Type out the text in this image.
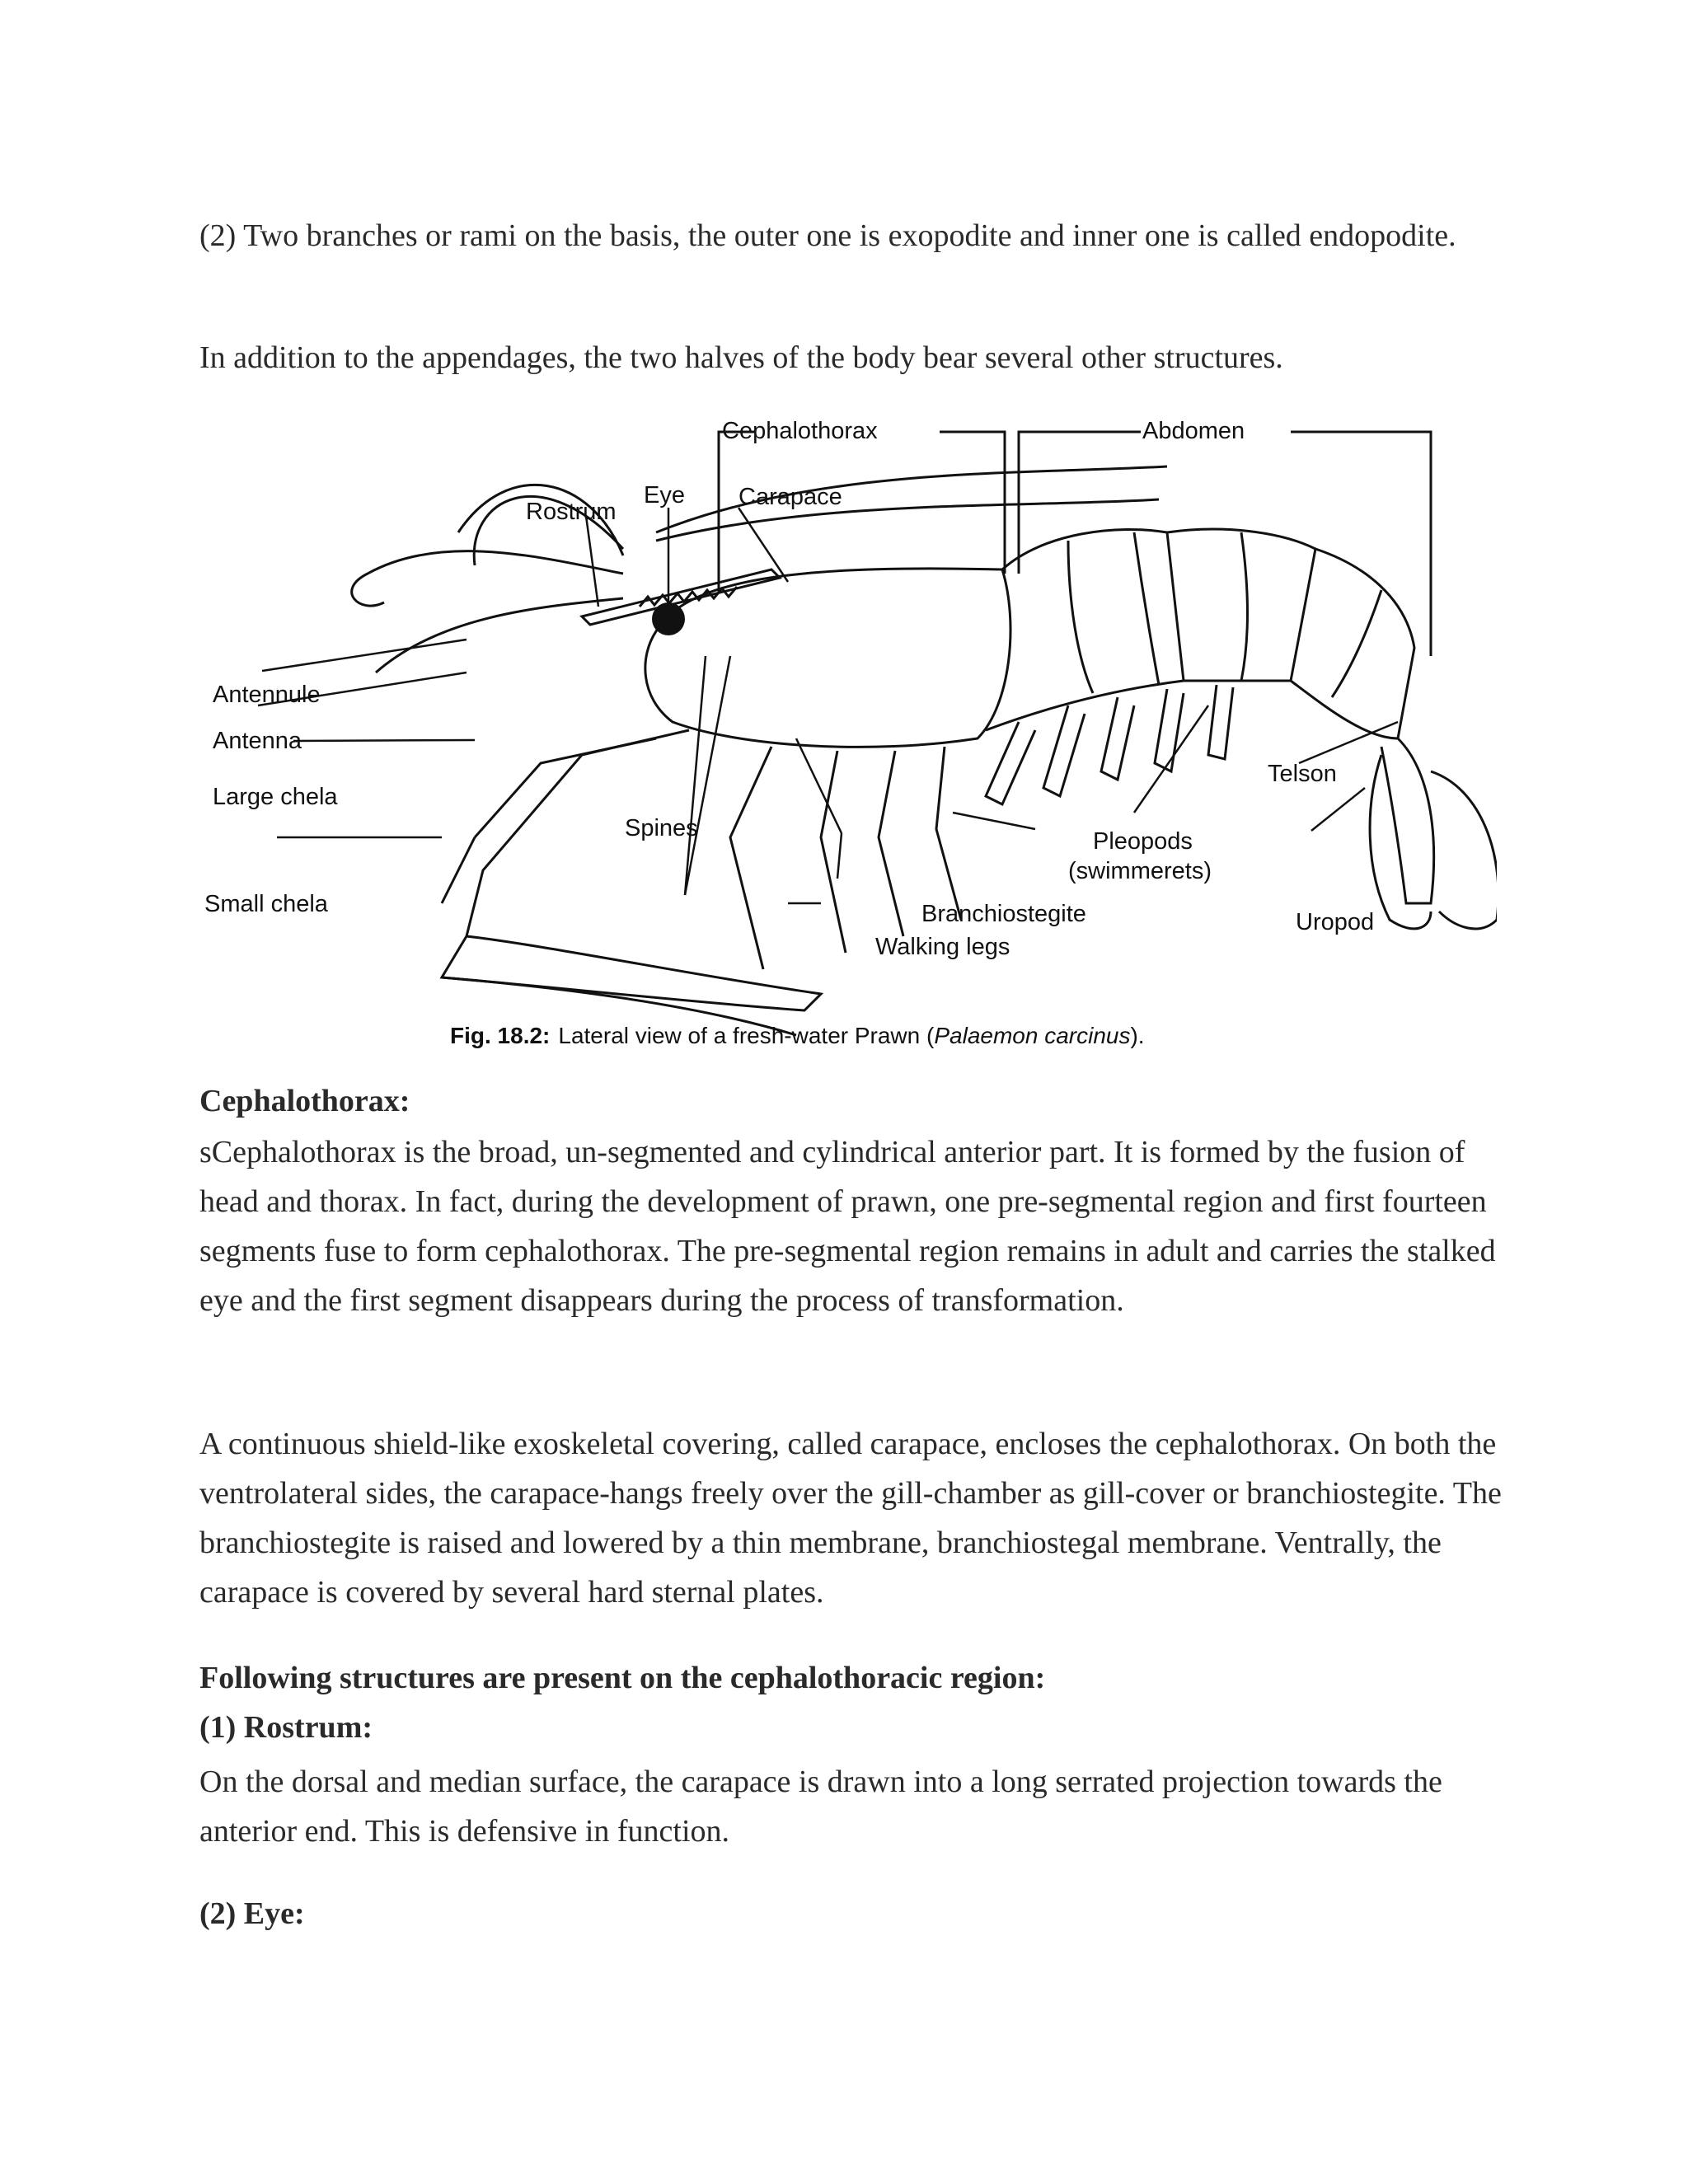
(2) Two branches or rami on the basis, the outer one is exopodite and inner one is called endopodite.

In addition to the appendages, the two halves of the body bear several other structures.

Cephalothorax	Abdomen
Eye Carapace
Rostrum
Antennule
Antenna
Large chela
Small chela
Spines
Branchiostegite
Walking legs
Pleopods
(swimmerets)
Telson
Uropod
Fig. 18.2: Lateral view of a fresh-water Prawn (Palaemon carcinus).
Cephalothorax:

sCephalothorax is the broad, un-segmented and cylindrical anterior part. It is formed by the fusion of head and thorax. In fact, during the development of prawn, one pre-segmental region and first fourteen segments fuse to form cephalothorax. The pre-segmental region remains in adult and carries the stalked eye and the first segment disappears during the process of transformation.

A continuous shield-like exoskeletal covering, called carapace, encloses the cephalothorax. On both the ventrolateral sides, the carapace-hangs freely over the gill-chamber as gill-cover or branchiostegite. The branchiostegite is raised and lowered by a thin membrane, branchiostegal membrane. Ventrally, the carapace is covered by several hard sternal plates.

Following structures are present on the cephalothoracic region:
(1) Rostrum:

On the dorsal and median surface, the carapace is drawn into a long serrated projection towards the anterior end. This is defensive in function.

(2) Eye:
